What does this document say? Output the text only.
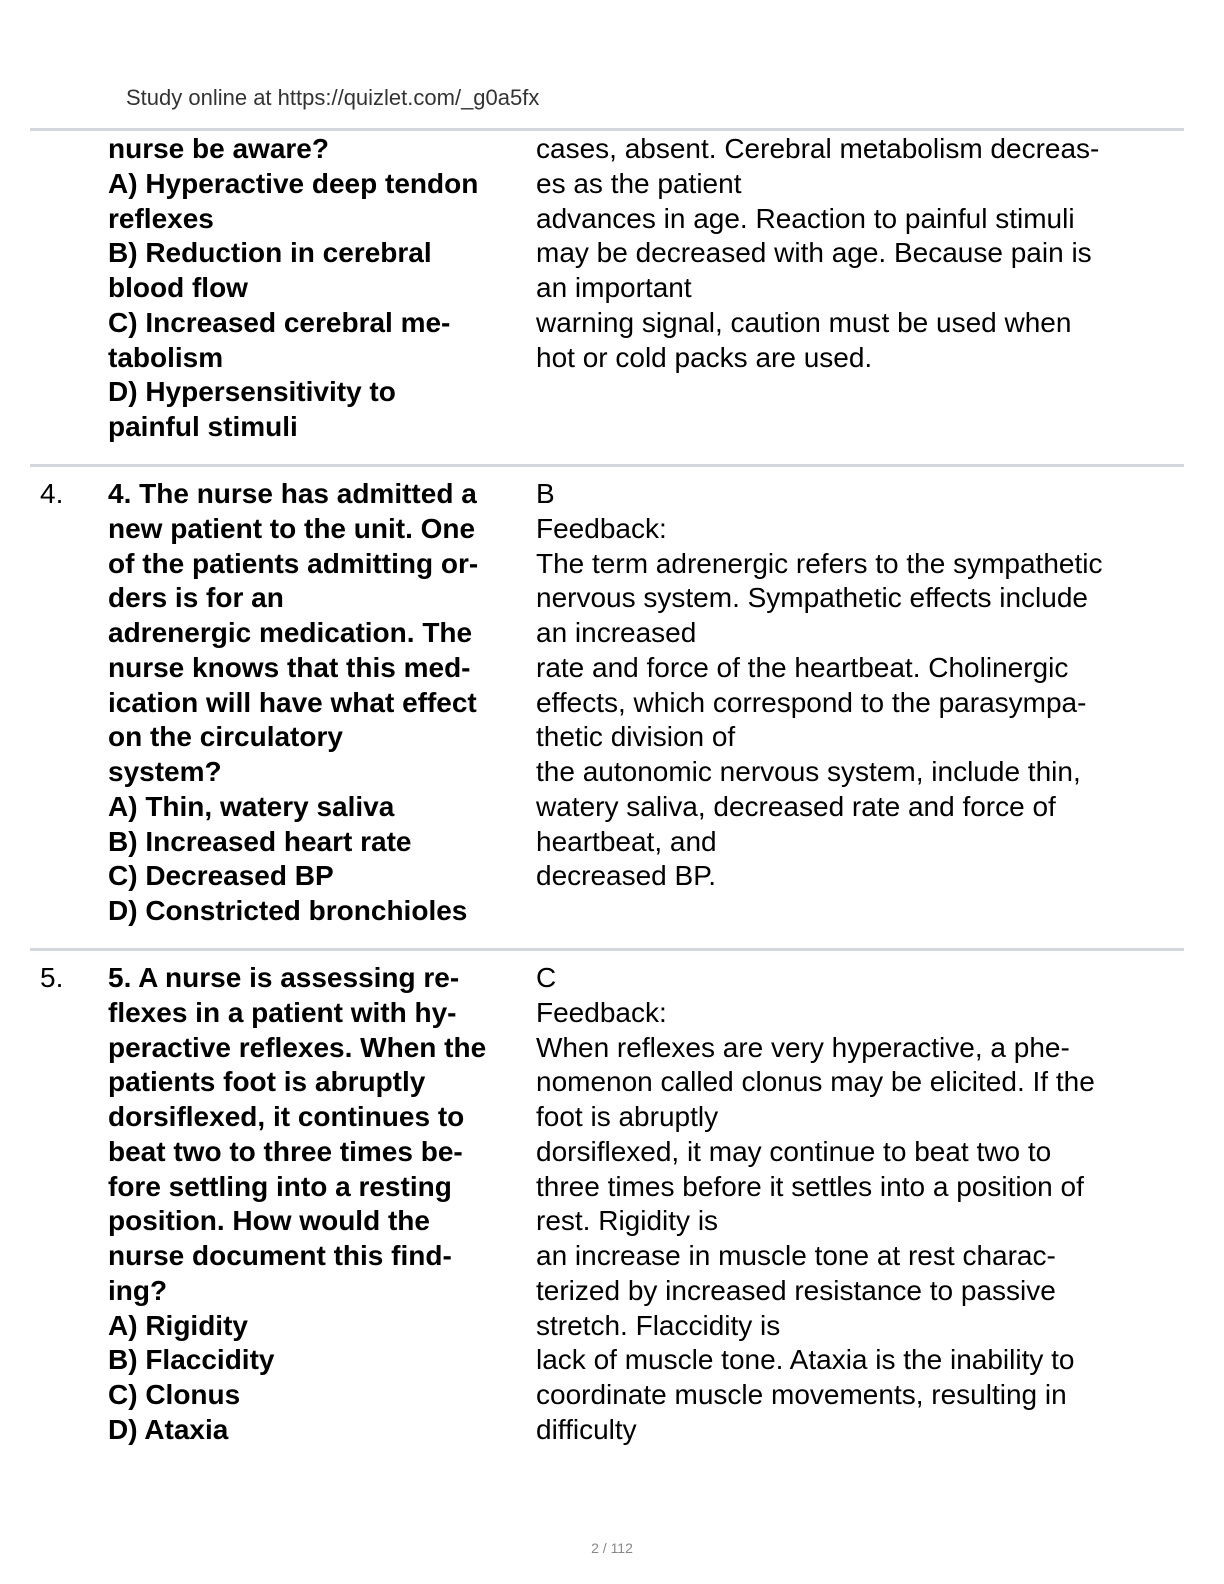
Study online at https://quizlet.com/_g0a5fx
nurse be aware?
A) Hyperactive deep tendon
reflexes
B) Reduction in cerebral
blood flow
C) Increased cerebral me-
tabolism
D) Hypersensitivity to
painful stimuli
cases, absent. Cerebral metabolism decreas-
es as the patient
advances in age. Reaction to painful stimuli
may be decreased with age. Because pain is
an important
warning signal, caution must be used when
hot or cold packs are used.
4. 4. The nurse has admitted a
new patient to the unit. One
of the patients admitting or-
ders is for an
adrenergic medication. The
nurse knows that this med-
ication will have what effect
on the circulatory
system?
A) Thin, watery saliva
B) Increased heart rate
C) Decreased BP
D) Constricted bronchioles
B
Feedback:
The term adrenergic refers to the sympathetic
nervous system. Sympathetic effects include
an increased
rate and force of the heartbeat. Cholinergic
effects, which correspond to the parasympa-
thetic division of
the autonomic nervous system, include thin,
watery saliva, decreased rate and force of
heartbeat, and
decreased BP.
5. 5. A nurse is assessing re-
flexes in a patient with hy-
peractive reflexes. When the
patients foot is abruptly
dorsiflexed, it continues to
beat two to three times be-
fore settling into a resting
position. How would the
nurse document this find-
ing?
A) Rigidity
B) Flaccidity
C) Clonus
D) Ataxia
C
Feedback:
When reflexes are very hyperactive, a phe-
nomenon called clonus may be elicited. If the
foot is abruptly
dorsiflexed, it may continue to beat two to
three times before it settles into a position of
rest. Rigidity is
an increase in muscle tone at rest charac-
terized by increased resistance to passive
stretch. Flaccidity is
lack of muscle tone. Ataxia is the inability to
coordinate muscle movements, resulting in
difficulty
2 / 112
